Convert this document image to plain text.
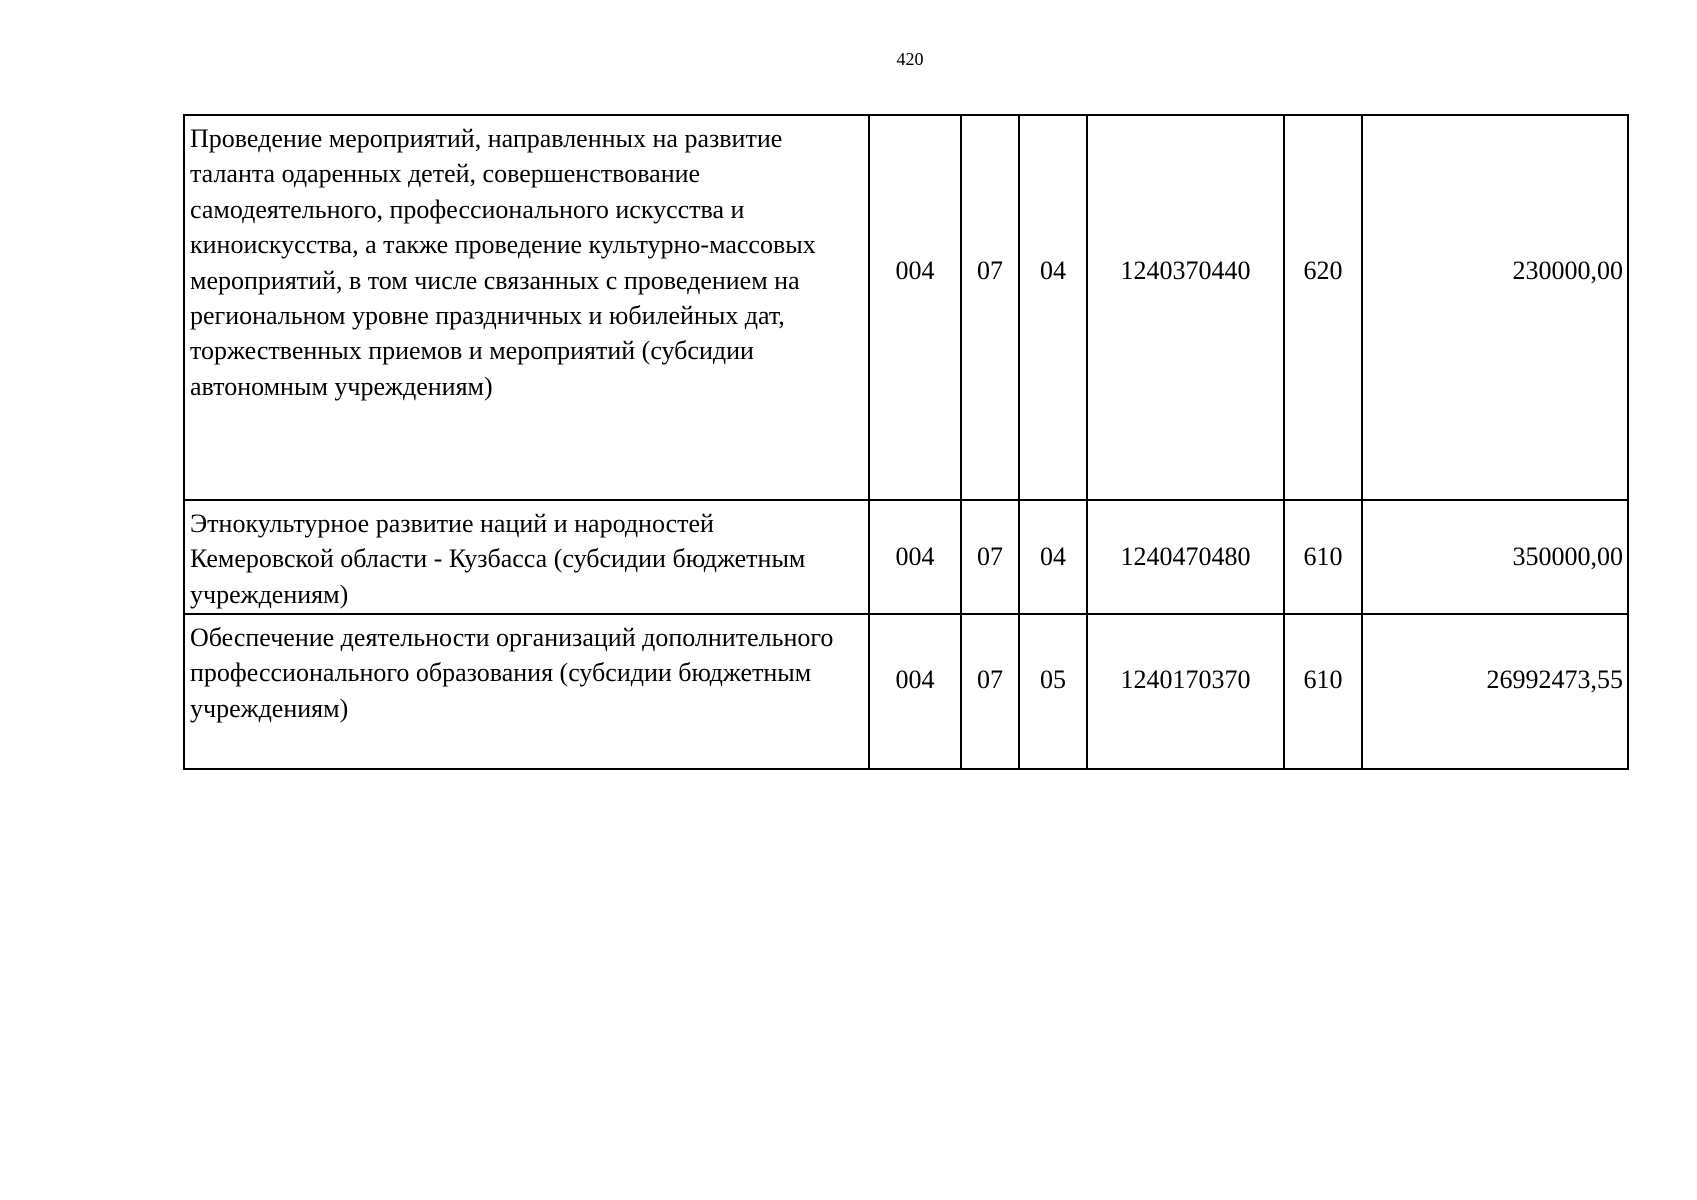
420
Проведение мероприятий, направленных на развитие таланта одаренных детей, совершенствование самодеятельного, профессионального искусства и киноискусства, а также проведение культурно-массовых мероприятий, в том числе связанных с проведением на региональном уровне праздничных и юбилейных дат, торжественных приемов и мероприятий (субсидии автономным учреждениям)	004	07	04	1240370440	620	230000,00
Этнокультурное развитие наций и народностей Кемеровской области - Кузбасса (субсидии бюджетным учреждениям)	004	07	04	1240470480	610	350000,00
Обеспечение деятельности организаций дополнительного профессионального образования (субсидии бюджетным учреждениям)	004	07	05	1240170370	610	26992473,55
